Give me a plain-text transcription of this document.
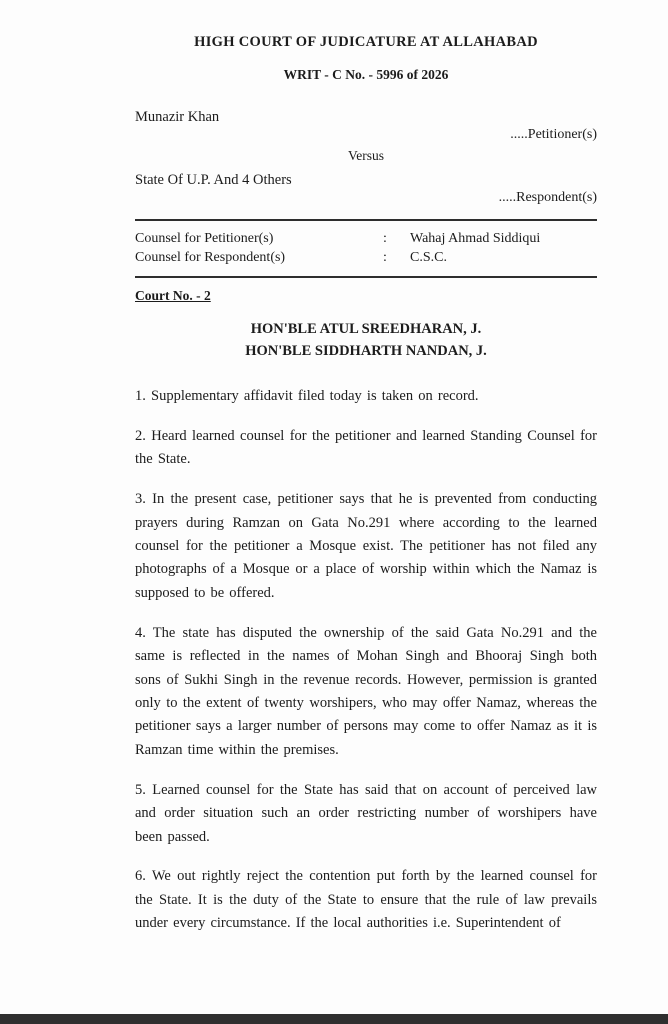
HIGH COURT OF JUDICATURE AT ALLAHABAD
WRIT - C No. - 5996 of 2026
Munazir Khan
.....Petitioner(s)
Versus
State Of U.P. And 4 Others
.....Respondent(s)
Counsel for Petitioner(s)	:	Wahaj Ahmad Siddiqui
Counsel for Respondent(s)	:	C.S.C.
Court No. - 2
HON'BLE ATUL SREEDHARAN, J.
HON'BLE SIDDHARTH NANDAN, J.

1. Supplementary affidavit filed today is taken on record.

2. Heard learned counsel for the petitioner and learned Standing Counsel for the State.

3. In the present case, petitioner says that he is prevented from conducting prayers during Ramzan on Gata No.291 where according to the learned counsel for the petitioner a Mosque exist. The petitioner has not filed any photographs of a Mosque or a place of worship within which the Namaz is supposed to be offered.

4. The state has disputed the ownership of the said Gata No.291 and the same is reflected in the names of Mohan Singh and Bhooraj Singh both sons of Sukhi Singh in the revenue records. However, permission is granted only to the extent of twenty worshipers, who may offer Namaz, whereas the petitioner says a larger number of persons may come to offer Namaz as it is Ramzan time within the premises.

5. Learned counsel for the State has said that on account of perceived law and order situation such an order restricting number of worshipers have been passed.

6. We out rightly reject the contention put forth by the learned counsel for the State. It is the duty of the State to ensure that the rule of law prevails under every circumstance. If the local authorities i.e. Superintendent of
